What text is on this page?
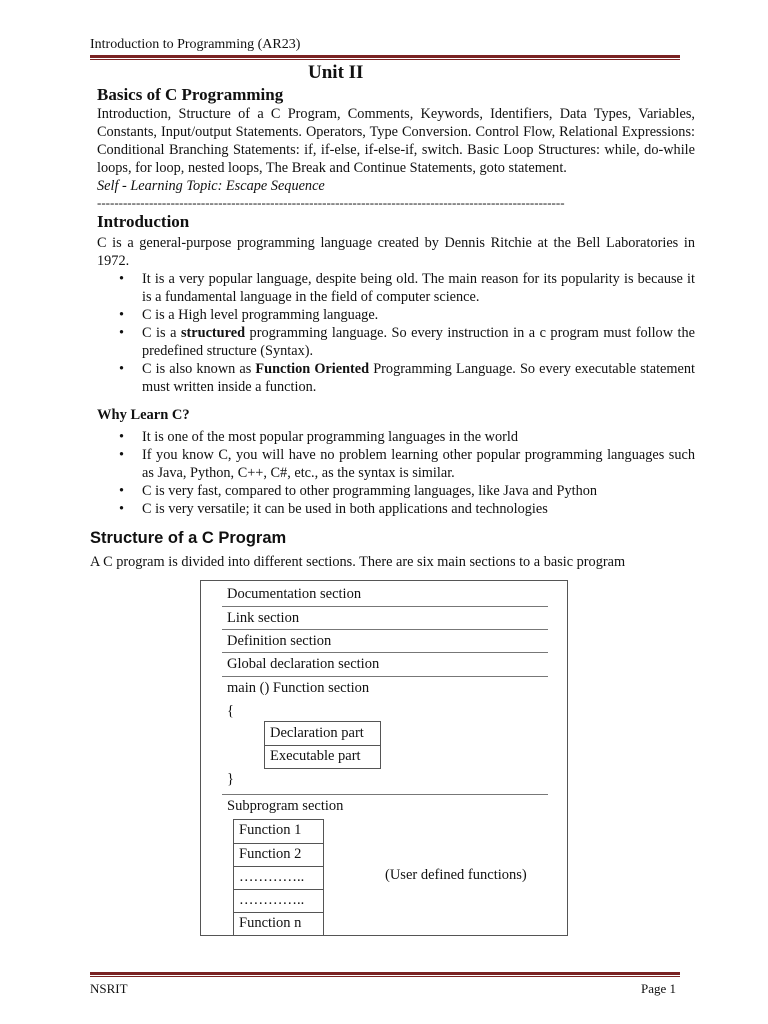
Introduction to Programming (AR23)
Unit II
Basics of C Programming
Introduction, Structure of a C Program, Comments, Keywords, Identifiers, Data Types, Variables, Constants, Input/output Statements. Operators, Type Conversion. Control Flow, Relational Expressions: Conditional Branching Statements: if, if-else, if-else-if, switch. Basic Loop Structures: while, do-while loops, for loop, nested loops, The Break and Continue Statements, goto statement.
Self - Learning Topic: Escape Sequence
------------------------------------------------------------------------------------------------------------
Introduction
C is a general-purpose programming language created by Dennis Ritchie at the Bell Laboratories in 1972.
• It is a very popular language, despite being old. The main reason for its popularity is because it is a fundamental language in the field of computer science.
• C is a High level programming language.
• C is a structured programming language. So every instruction in a c program must follow the predefined structure (Syntax).
• C is also known as Function Oriented Programming Language. So every executable statement must written inside a function.
Why Learn C?
• It is one of the most popular programming languages in the world
• If you know C, you will have no problem learning other popular programming languages such as Java, Python, C++, C#, etc., as the syntax is similar.
• C is very fast, compared to other programming languages, like Java and Python
• C is very versatile; it can be used in both applications and technologies
Structure of a C Program
A C program is divided into different sections. There are six main sections to a basic program
Documentation section
Link section
Definition section
Global declaration section
main () Function section
{
Declaration part
Executable part
}
Subprogram section
Function 1
Function 2
…………..
…………..
Function n
(User defined functions)
NSRIT	Page 1
